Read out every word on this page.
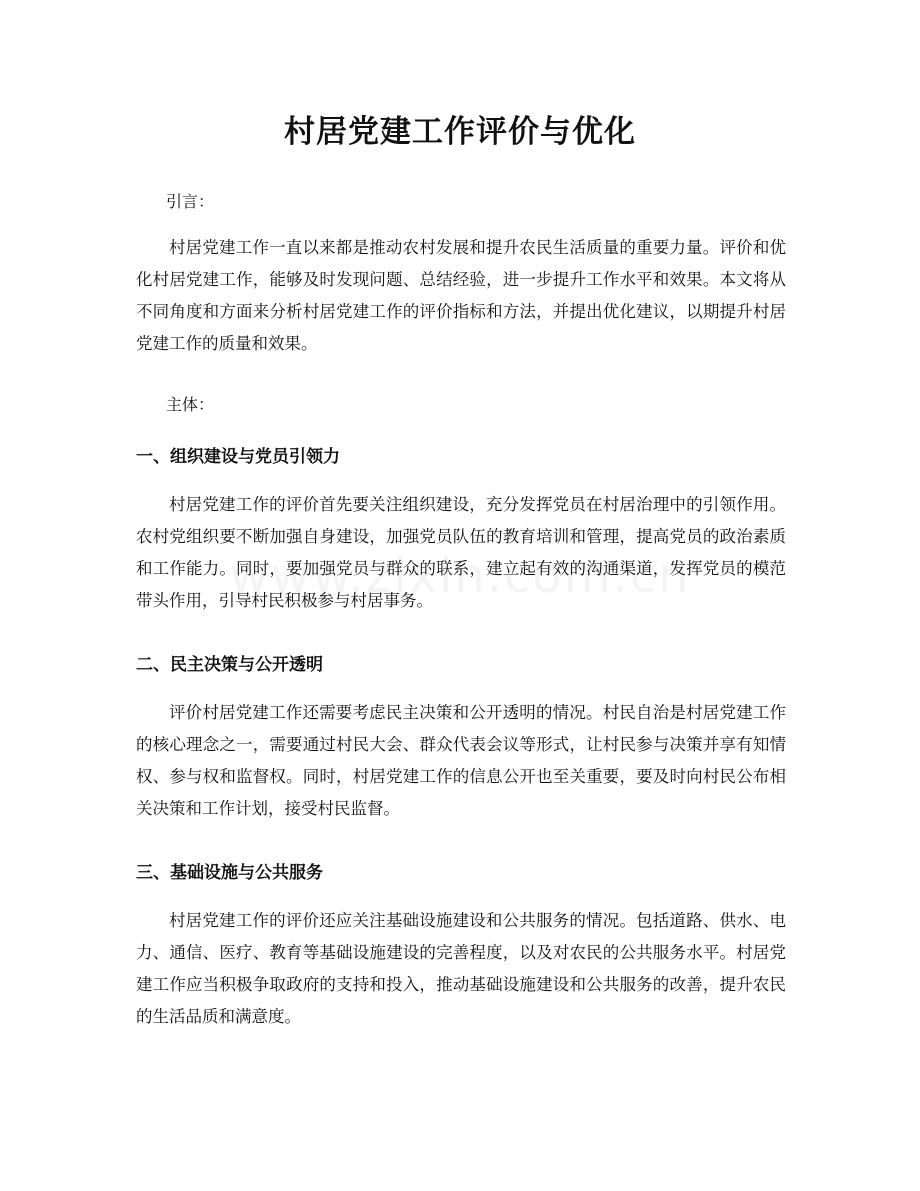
村居党建工作评价与优化

引言：

村居党建工作一直以来都是推动农村发展和提升农民生活质量的重要力量。评价和优化村居党建工作，能够及时发现问题、总结经验，进一步提升工作水平和效果。本文将从不同角度和方面来分析村居党建工作的评价指标和方法，并提出优化建议，以期提升村居党建工作的质量和效果。

主体：

一、组织建设与党员引领力

村居党建工作的评价首先要关注组织建设，充分发挥党员在村居治理中的引领作用。农村党组织要不断加强自身建设，加强党员队伍的教育培训和管理，提高党员的政治素质和工作能力。同时，要加强党员与群众的联系，建立起有效的沟通渠道，发挥党员的模范带头作用，引导村民积极参与村居事务。

二、民主决策与公开透明

评价村居党建工作还需要考虑民主决策和公开透明的情况。村民自治是村居党建工作的核心理念之一，需要通过村民大会、群众代表会议等形式，让村民参与决策并享有知情权、参与权和监督权。同时，村居党建工作的信息公开也至关重要，要及时向村民公布相关决策和工作计划，接受村民监督。

三、基础设施与公共服务

村居党建工作的评价还应关注基础设施建设和公共服务的情况。包括道路、供水、电力、通信、医疗、教育等基础设施建设的完善程度，以及对农民的公共服务水平。村居党建工作应当积极争取政府的支持和投入，推动基础设施建设和公共服务的改善，提升农民的生活品质和满意度。
